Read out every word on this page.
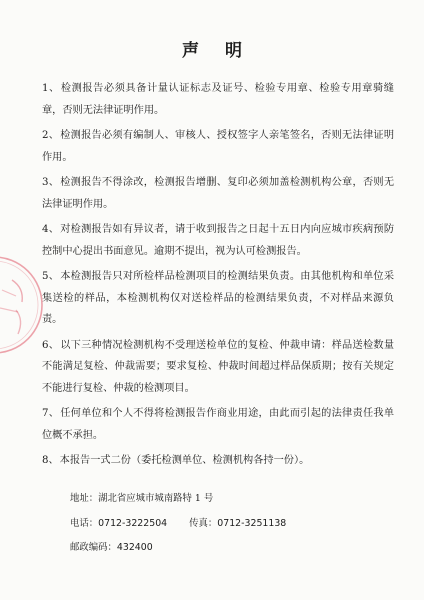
声明
1、检测报告必须具备计量认证标志及证号、检验专用章、检验专用章骑缝章，否则无法律证明作用。
2、检测报告必须有编制人、审核人、授权签字人亲笔签名，否则无法律证明作用。
3、检测报告不得涂改，检测报告增删、复印必须加盖检测机构公章，否则无法律证明作用。
4、对检测报告如有异议者，请于收到报告之日起十五日内向应城市疾病预防控制中心提出书面意见。逾期不提出，视为认可检测报告。
5、本检测报告只对所检样品检测项目的检测结果负责。由其他机构和单位采集送检的样品，本检测机构仅对送检样品的检测结果负责，不对样品来源负责。
6、以下三种情况检测机构不受理送检单位的复检、仲裁申请：样品送检数量不能满足复检、仲裁需要；要求复检、仲裁时间超过样品保质期；按有关规定不能进行复检、仲裁的检测项目。
7、任何单位和个人不得将检测报告作商业用途，由此而引起的法律责任我单位概不承担。
8、本报告一式二份（委托检测单位、检测机构各持一份）。
地址：湖北省应城市城南路特 1 号
电话：0712-3222504 传真：0712-3251138
邮政编码：432400
